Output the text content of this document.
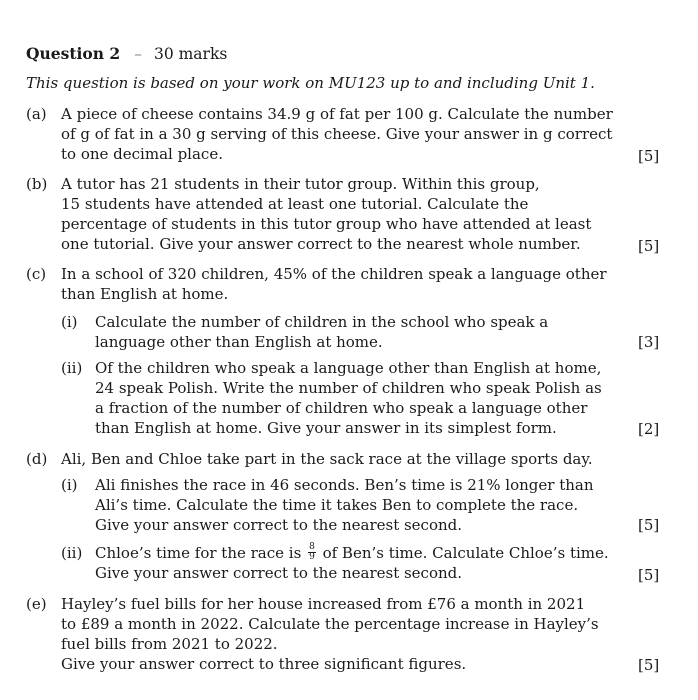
Question 2 – 30 marks
This question is based on your work on MU123 up to and including Unit 1.
(a) A piece of cheese contains 34.9 g of fat per 100 g. Calculate the number
of g of fat in a 30 g serving of this cheese. Give your answer in g correct
to one decimal place.	[5]
(b) A tutor has 21 students in their tutor group. Within this group,
15 students have attended at least one tutorial. Calculate the
percentage of students in this tutor group who have attended at least
one tutorial. Give your answer correct to the nearest whole number.	[5]
(c) In a school of 320 children, 45% of the children speak a language other
than English at home.
(i) Calculate the number of children in the school who speak a
language other than English at home.	[3]
(ii) Of the children who speak a language other than English at home,
24 speak Polish. Write the number of children who speak Polish as
a fraction of the number of children who speak a language other
than English at home. Give your answer in its simplest form.	[2]
(d) Ali, Ben and Chloe take part in the sack race at the village sports day.
(i) Ali finishes the race in 46 seconds. Ben’s time is 21% longer than
Ali’s time. Calculate the time it takes Ben to complete the race.
Give your answer correct to the nearest second.	[5]
(ii) Chloe’s time for the race is $\frac{8}{9}$ of Ben’s time. Calculate Chloe’s time.
Give your answer correct to the nearest second.	[5]
(e) Hayley’s fuel bills for her house increased from £76 a month in 2021
to £89 a month in 2022. Calculate the percentage increase in Hayley’s
fuel bills from 2021 to 2022.
Give your answer correct to three significant figures.	[5]
